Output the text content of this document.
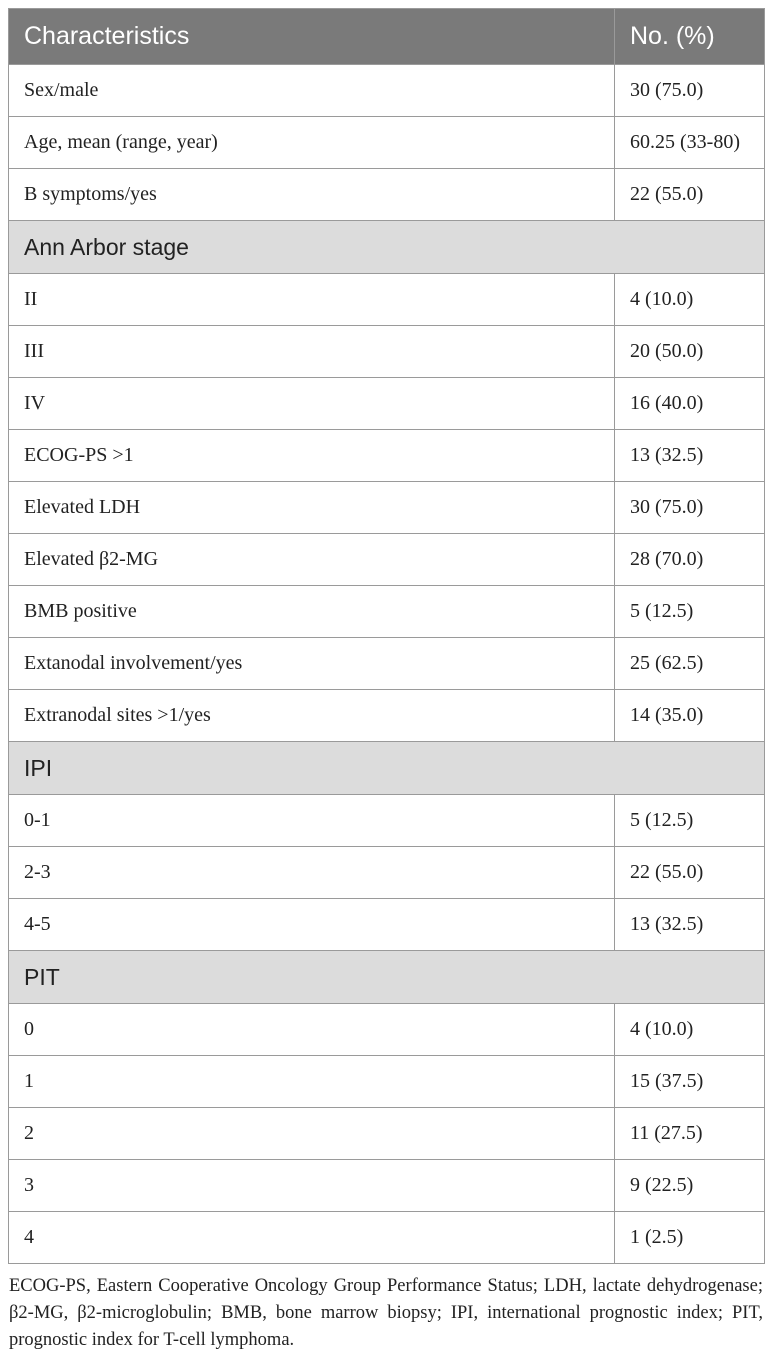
Characteristics	No. (%)
Sex/male	30 (75.0)
Age, mean (range, year)	60.25 (33-80)
B symptoms/yes	22 (55.0)
Ann Arbor stage	
II	4 (10.0)
III	20 (50.0)
IV	16 (40.0)
ECOG-PS >1	13 (32.5)
Elevated LDH	30 (75.0)
Elevated β2-MG	28 (70.0)
BMB positive	5 (12.5)
Extanodal involvement/yes	25 (62.5)
Extranodal sites >1/yes	14 (35.0)
IPI	
0-1	5 (12.5)
2-3	22 (55.0)
4-5	13 (32.5)
PIT	
0	4 (10.0)
1	15 (37.5)
2	11 (27.5)
3	9 (22.5)
4	1 (2.5)
ECOG-PS, Eastern Cooperative Oncology Group Performance Status; LDH, lactate dehydrogenase; β2-MG, β2-microglobulin; BMB, bone marrow biopsy; IPI, international prognostic index; PIT, prognostic index for T-cell lymphoma.
